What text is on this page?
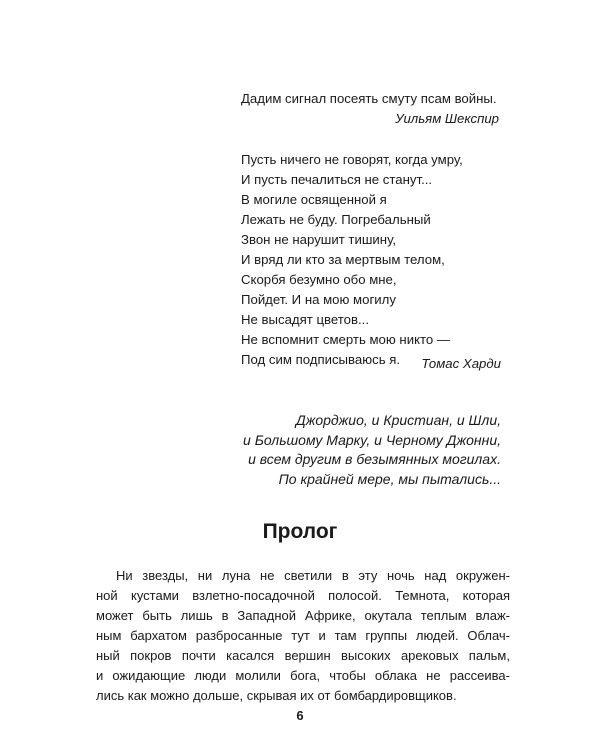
Дадим сигнал посеять смуту псам войны.
Уильям Шекспир
Пусть ничего не говорят, когда умру,
И пусть печалиться не станут...
В могиле освященной я
Лежать не буду. Погребальный
Звон не нарушит тишину,
И вряд ли кто за мертвым телом,
Скорбя безумно обо мне,
Пойдет. И на мою могилу
Не высадят цветов...
Не вспомнит смерть мою никто —
Под сим подписываюсь я.	Томас Харди
Джорджио, и Кристиан, и Шли,
и Большому Марку, и Черному Джонни,
и всем другим в безымянных могилах.
По крайней мере, мы пытались...
Пролог
Ни звезды, ни луна не светили в эту ночь над окружен-
ной кустами взлетно-посадочной полосой. Темнота, которая
может быть лишь в Западной Африке, окутала теплым влаж-
ным бархатом разбросанные тут и там группы людей. Облач-
ный покров почти касался вершин высоких арековых пальм,
и ожидающие люди молили бога, чтобы облака не рассеива-
лись как можно дольше, скрывая их от бомбардировщиков.
6
